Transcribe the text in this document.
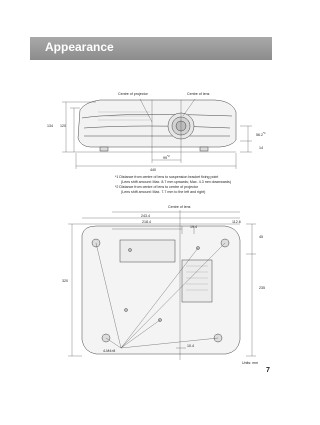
Appearance
Centre of projector	Centre of lens
134 120
56.2$^{*1}$
14
99$^{*2}$
440
*1 Distance from centre of lens to suspension bracket fixing point
(Lens shift amount: Max. 8.7 mm upwards; Max. 4.3 mm downwards)
*2 Distance from centre of lens to centre of projector
(Lens shift amount: Max. 7.7 mm to the left and right)
Centre of lens
243.4
218.4	112.6
19.4
45
320
235
10.4
4-M4×8
Units: mm
7
